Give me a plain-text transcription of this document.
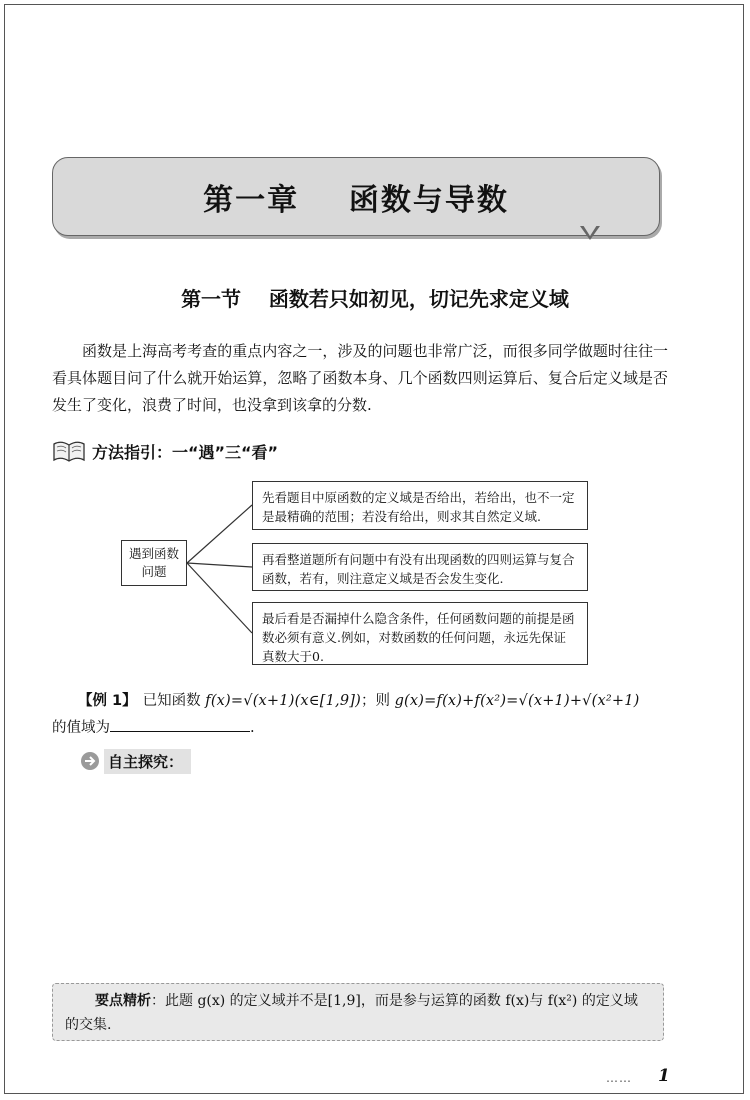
第一章    函数与导数
第一节    函数若只如初见，切记先求定义域
函数是上海高考考查的重点内容之一，涉及的问题也非常广泛，而很多同学做题时往往一看具体题目问了什么就开始运算，忽略了函数本身、几个函数四则运算后、复合后定义域是否发生了变化，浪费了时间，也没拿到该拿的分数.
方法指引：一“遇”三“看”
遇到函数问题
先看题目中原函数的定义域是否给出，若给出，也不一定是最精确的范围；若没有给出，则求其自然定义域.
再看整道题所有问题中有没有出现函数的四则运算与复合函数，若有，则注意定义域是否会发生变化.
最后看是否漏掉什么隐含条件，任何函数问题的前提是函数必须有意义.例如，对数函数的任何问题，永远先保证真数大于0.
【例 1】 已知函数 f(x)=√(x+1)(x∈[1,9])；则 g(x)=f(x)+f(x²)=√(x+1)+√(x²+1)
的值域为	.
自主探究：
要点精析：此题 g(x) 的定义域并不是[1,9]，而是参与运算的函数 f(x)与 f(x²) 的定义域的交集.
…… 1
